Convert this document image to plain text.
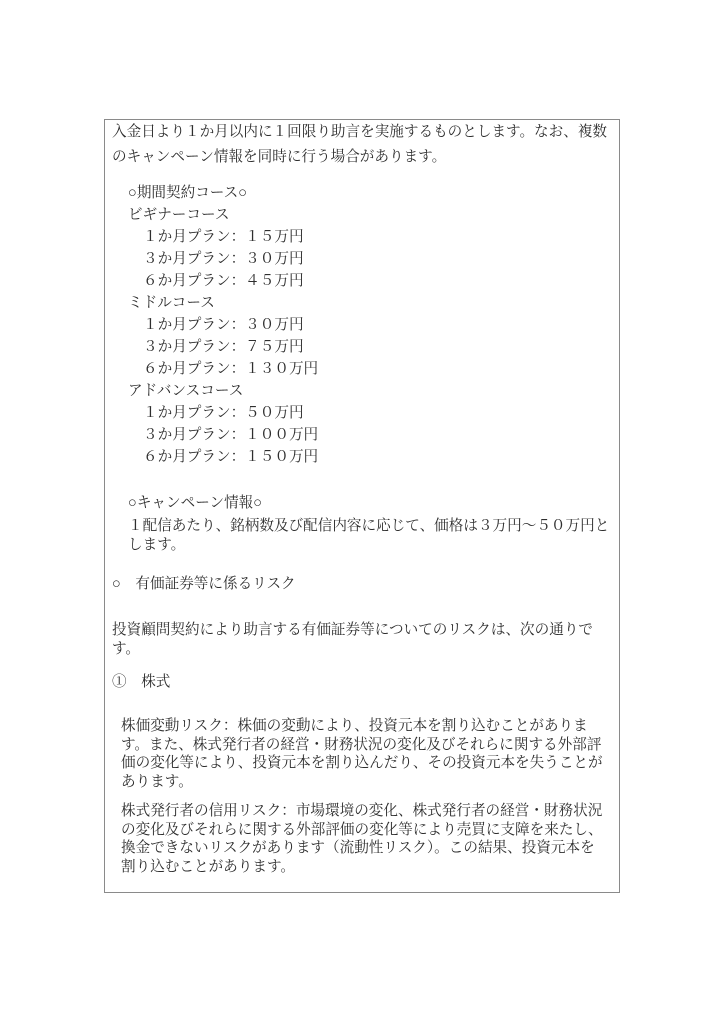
入金日より１か月以内に１回限り助言を実施するものとします。なお、複数
のキャンペーン情報を同時に行う場合があります。
○期間契約コース○
ビギナーコース
１か月プラン：１５万円
３か月プラン：３０万円
６か月プラン：４５万円
ミドルコース
１か月プラン：３０万円
３か月プラン：７５万円
６か月プラン：１３０万円
アドバンスコース
１か月プラン：５０万円
３か月プラン：１００万円
６か月プラン：１５０万円
○キャンペーン情報○
１配信あたり、銘柄数及び配信内容に応じて、価格は３万円～５０万円と
します。
○　有価証券等に係るリスク
投資顧問契約により助言する有価証券等についてのリスクは、次の通りで
す。
①　株式
株価変動リスク：株価の変動により、投資元本を割り込むことがありま
す。また、株式発行者の経営・財務状況の変化及びそれらに関する外部評
価の変化等により、投資元本を割り込んだり、その投資元本を失うことが
あります。
株式発行者の信用リスク：市場環境の変化、株式発行者の経営・財務状況
の変化及びそれらに関する外部評価の変化等により売買に支障を来たし、
換金できないリスクがあります（流動性リスク）。この結果、投資元本を
割り込むことがあります。
